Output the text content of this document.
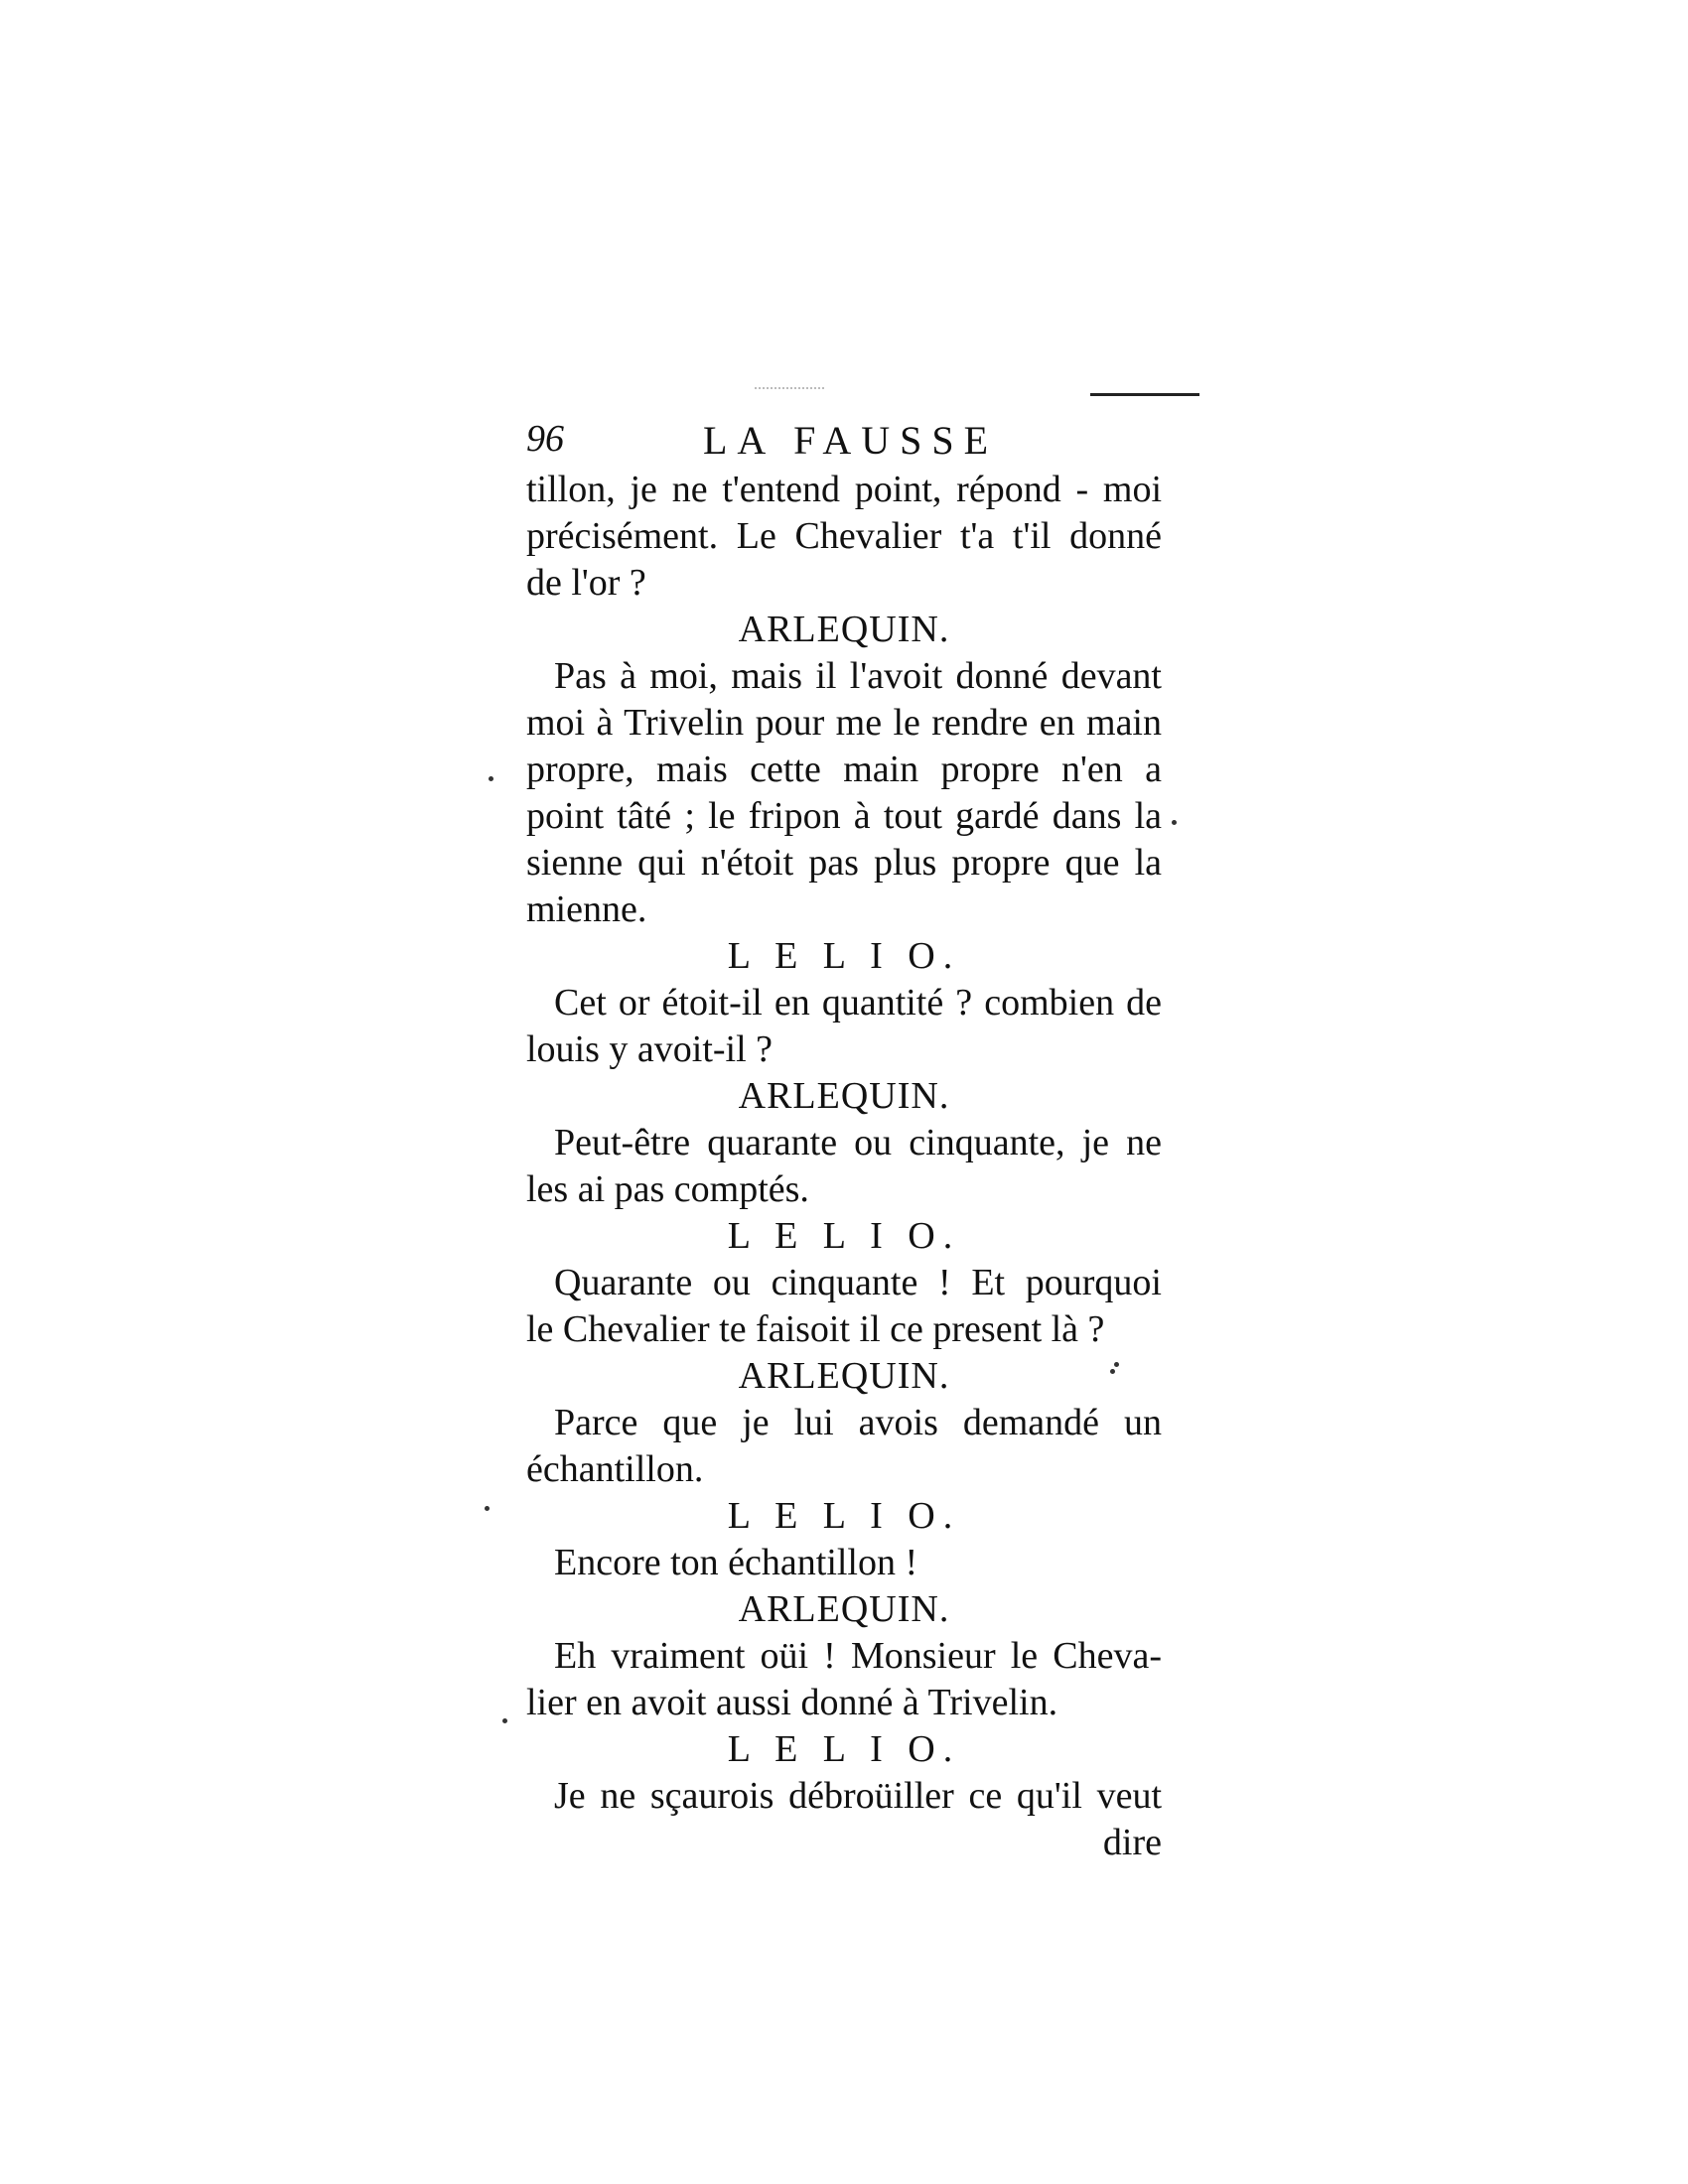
96	LA FAUSSE
tillon, je ne t'entend point, répond - moi
précisément. Le Chevalier t'a t'il donné
de l'or ?
ARLEQUIN.
Pas à moi, mais il l'avoit donné devant
moi à Trivelin pour me le rendre en main
propre, mais cette main propre n'en a
point tâté ; le fripon à tout gardé dans la
sienne qui n'étoit pas plus propre que la
mienne.
L E L I O.
Cet or étoit-il en quantité ? combien de
louis y avoit-il ?
ARLEQUIN.
Peut-être quarante ou cinquante, je ne
les ai pas comptés.
L E L I O.
Quarante ou cinquante ! Et pourquoi
le Chevalier te faisoit il ce present là ?
ARLEQUIN.
Parce que je lui avois demandé un
échantillon.
L E L I O.
Encore ton échantillon !
ARLEQUIN.
Eh vraiment oüi ! Monsieur le Cheva-
lier en avoit aussi donné à Trivelin.
L E L I O.
Je ne sçaurois débroüiller ce qu'il veut
dire
